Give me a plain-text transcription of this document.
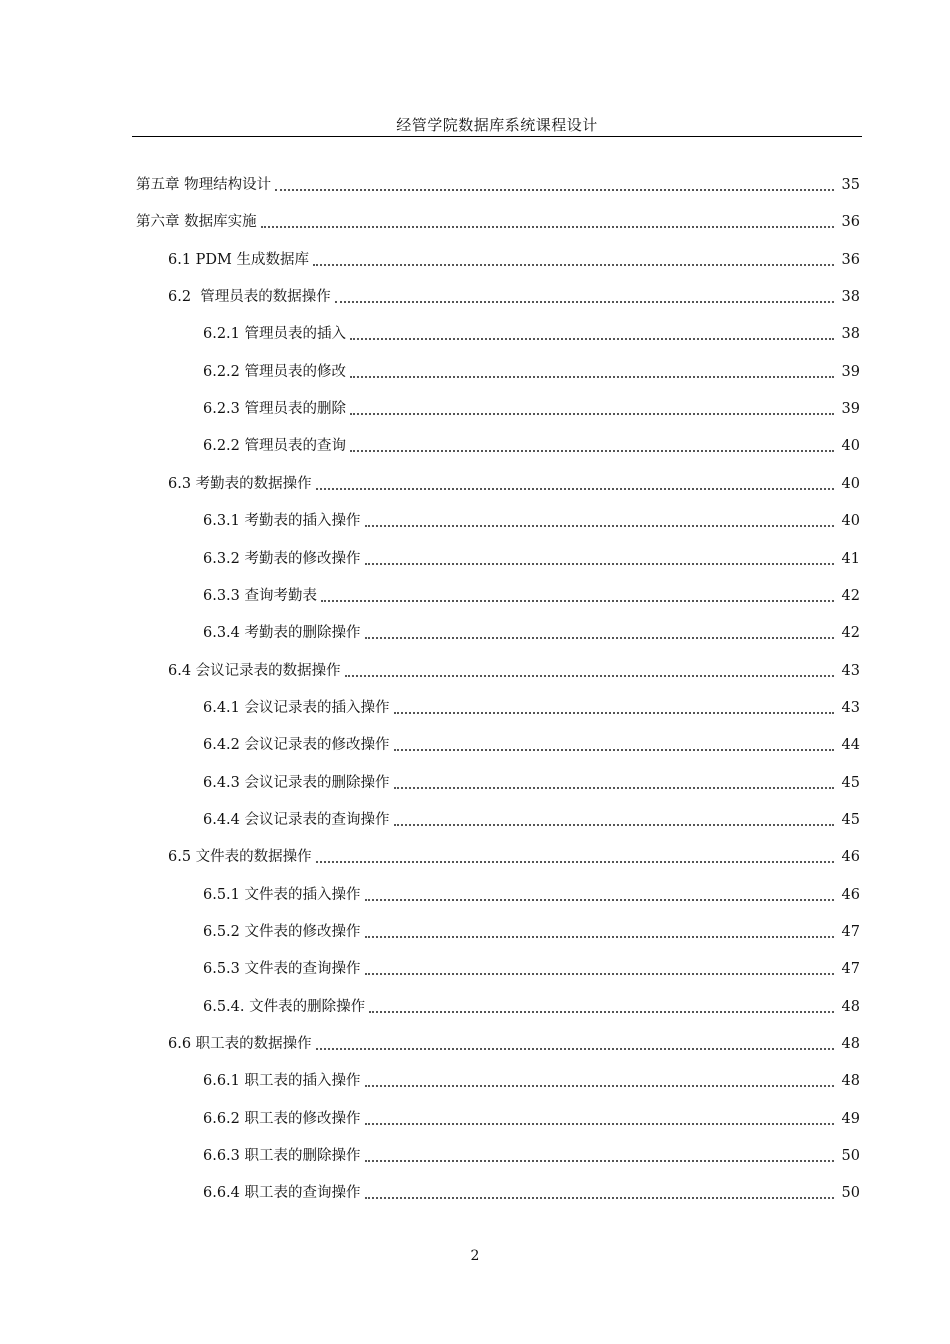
经管学院数据库系统课程设计
第五章 物理结构设计	35
第六章 数据库实施	36
6.1 PDM 生成数据库	36
6.2  管理员表的数据操作	38
6.2.1 管理员表的插入	38
6.2.2 管理员表的修改	39
6.2.3 管理员表的删除	39
6.2.2 管理员表的查询	40
6.3 考勤表的数据操作	40
6.3.1 考勤表的插入操作	40
6.3.2 考勤表的修改操作	41
6.3.3 查询考勤表	42
6.3.4 考勤表的删除操作	42
6.4 会议记录表的数据操作	43
6.4.1 会议记录表的插入操作	43
6.4.2 会议记录表的修改操作	44
6.4.3 会议记录表的删除操作	45
6.4.4 会议记录表的查询操作	45
6.5 文件表的数据操作	46
6.5.1 文件表的插入操作	46
6.5.2 文件表的修改操作	47
6.5.3 文件表的查询操作	47
6.5.4. 文件表的删除操作	48
6.6 职工表的数据操作	48
6.6.1 职工表的插入操作	48
6.6.2 职工表的修改操作	49
6.6.3 职工表的删除操作	50
6.6.4 职工表的查询操作	50
2
